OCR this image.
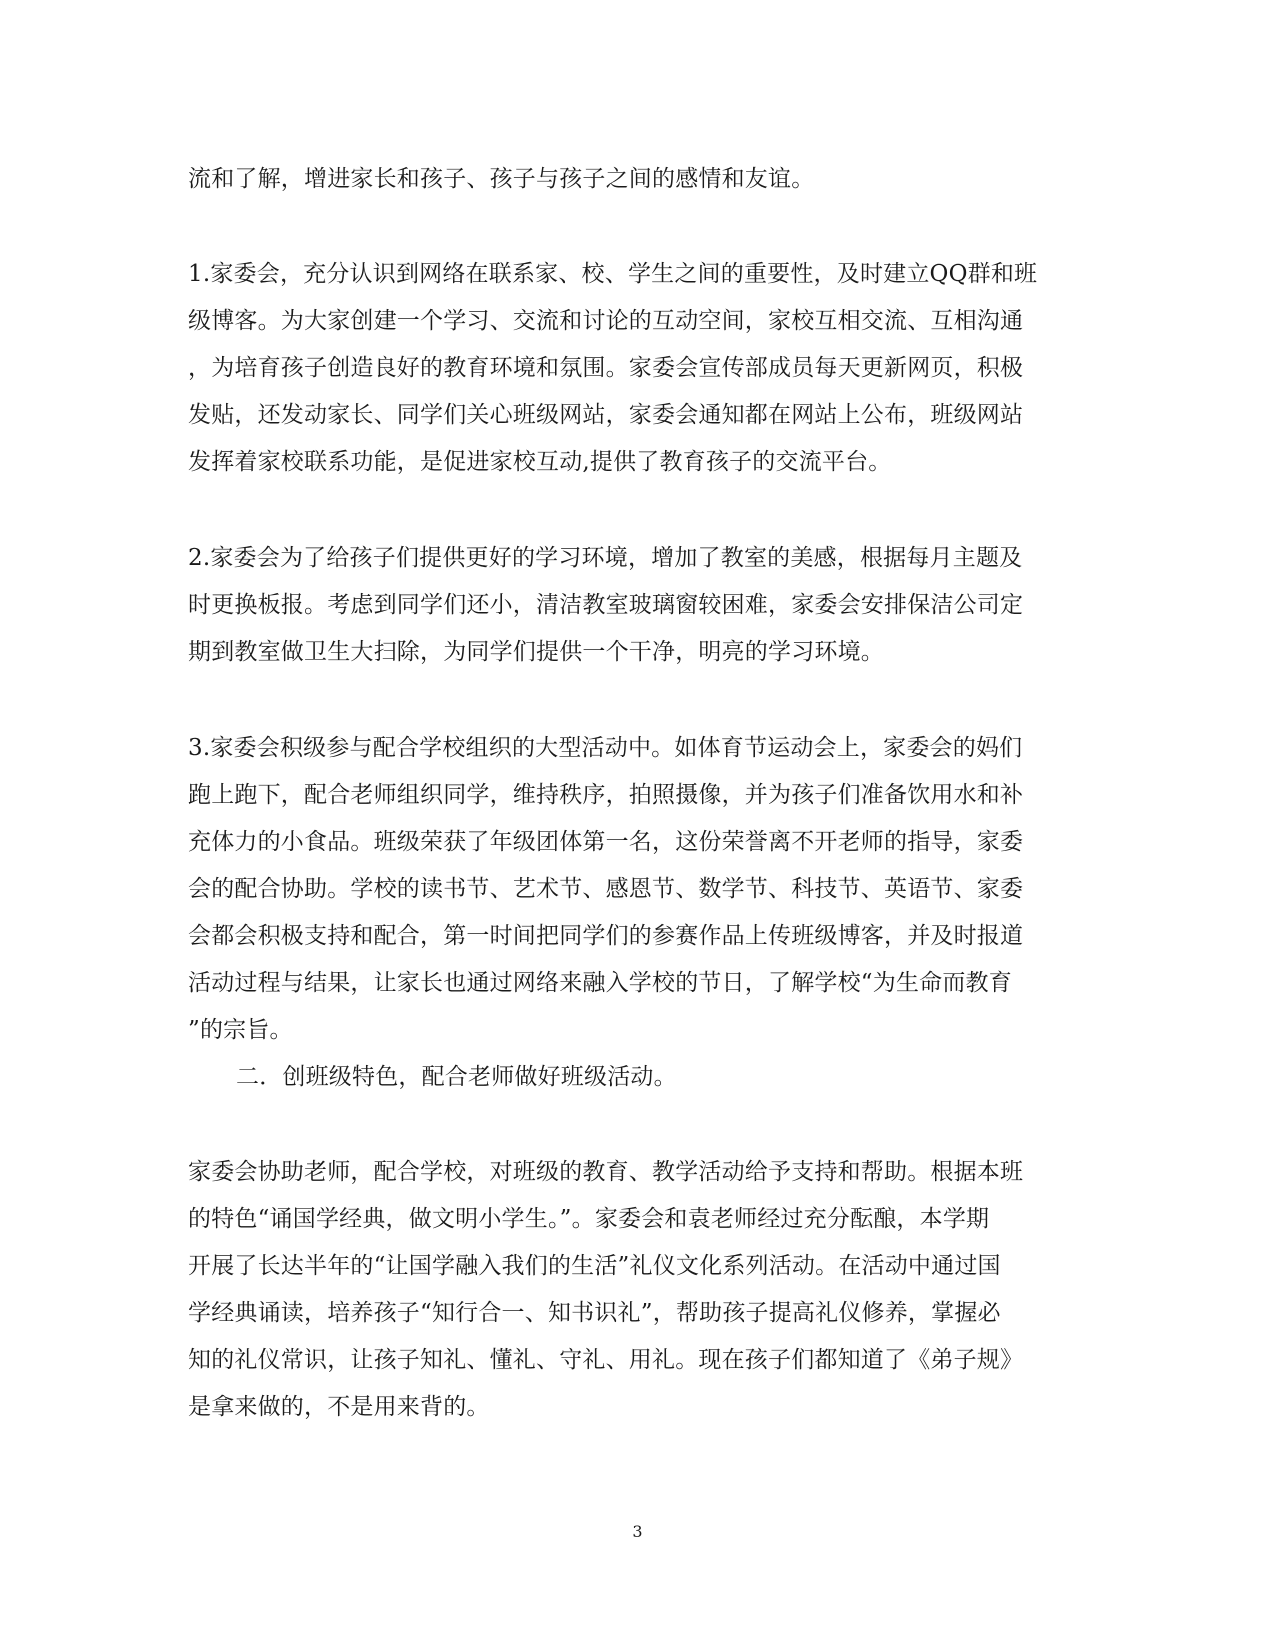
流和了解，增进家长和孩子、孩子与孩子之间的感情和友谊。
1.家委会，充分认识到网络在联系家、校、学生之间的重要性，及时建立QQ群和班
级博客。为大家创建一个学习、交流和讨论的互动空间，家校互相交流、互相沟通
，为培育孩子创造良好的教育环境和氛围。家委会宣传部成员每天更新网页，积极
发贴，还发动家长、同学们关心班级网站，家委会通知都在网站上公布，班级网站
发挥着家校联系功能，是促进家校互动,提供了教育孩子的交流平台。
2.家委会为了给孩子们提供更好的学习环境，增加了教室的美感，根据每月主题及
时更换板报。考虑到同学们还小，清洁教室玻璃窗较困难，家委会安排保洁公司定
期到教室做卫生大扫除，为同学们提供一个干净，明亮的学习环境。
3.家委会积级参与配合学校组织的大型活动中。如体育节运动会上，家委会的妈们
跑上跑下，配合老师组织同学，维持秩序，拍照摄像，并为孩子们准备饮用水和补
充体力的小食品。班级荣获了年级团体第一名，这份荣誉离不开老师的指导，家委
会的配合协助。学校的读书节、艺术节、感恩节、数学节、科技节、英语节、家委
会都会积极支持和配合，第一时间把同学们的参赛作品上传班级博客，并及时报道
活动过程与结果，让家长也通过网络来融入学校的节日，了解学校“为生命而教育
”的宗旨。
二．创班级特色，配合老师做好班级活动。
家委会协助老师，配合学校，对班级的教育、教学活动给予支持和帮助。根据本班
的特色“诵国学经典，做文明小学生。”。家委会和袁老师经过充分酝酿，本学期
开展了长达半年的“让国学融入我们的生活”礼仪文化系列活动。在活动中通过国
学经典诵读，培养孩子“知行合一、知书识礼”，帮助孩子提高礼仪修养，掌握必
知的礼仪常识，让孩子知礼、懂礼、守礼、用礼。现在孩子们都知道了《弟子规》
是拿来做的，不是用来背的。
3
